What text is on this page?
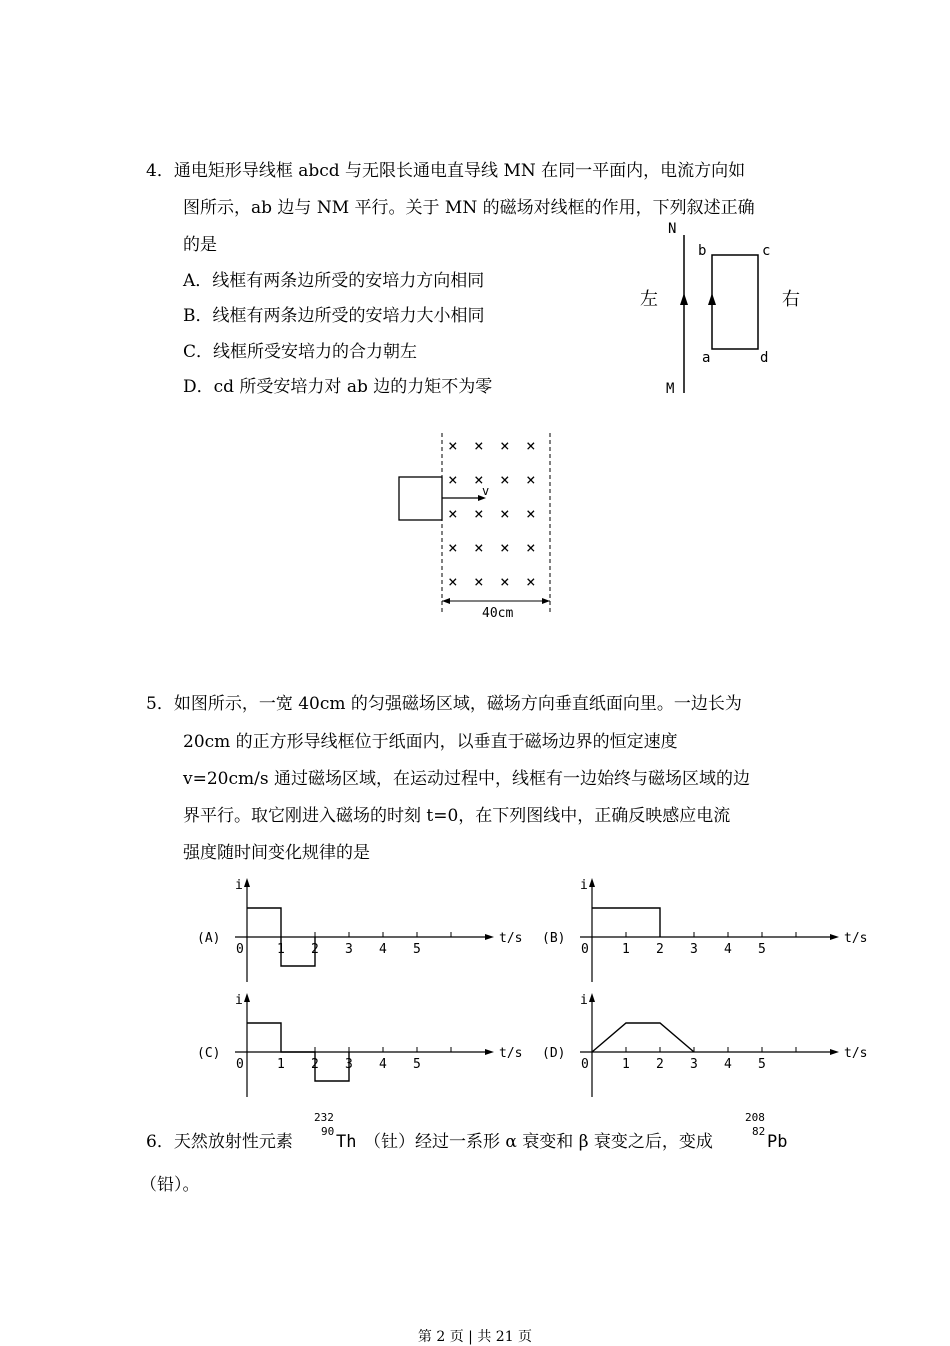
4．通电矩形导线框 abcd 与无限长通电直导线 MN 在同一平面内，电流方向如
图所示，ab 边与 NM 平行。关于 MN 的磁场对线框的作用，下列叙述正确
的是
A．线框有两条边所受的安培力方向相同
B．线框有两条边所受的安培力大小相同
C．线框所受安培力的合力朝左
D．cd 所受安培力对 ab 边的力矩不为零
N
M
左	右
b	c
a	d
× × × ×
× × × ×
× × × ×
× × × ×
× × × ×
v
40cm
5．如图所示，一宽 40cm 的匀强磁场区域，磁场方向垂直纸面向里。一边长为
20cm 的正方形导线框位于纸面内，以垂直于磁场边界的恒定速度
v=20cm/s 通过磁场区域，在运动过程中，线框有一边始终与磁场区域的边
界平行。取它刚进入磁场的时刻 t=0，在下列图线中，正确反映感应电流
强度随时间变化规律的是
0	1 2 3 4 5
i
t/s
(A)
0	1 2 3 4 5
i
t/s
(B)
0	1 2 3 4 5
i
t/s
(C)
0	1 2 3 4 5
i
t/s
(D)
6．天然放射性元素
232
90
Th （钍）经过一系形 α 衰变和 β 衰变之后，变成
208
82
Pb
（铅）。
第 2 页 | 共 21 页
